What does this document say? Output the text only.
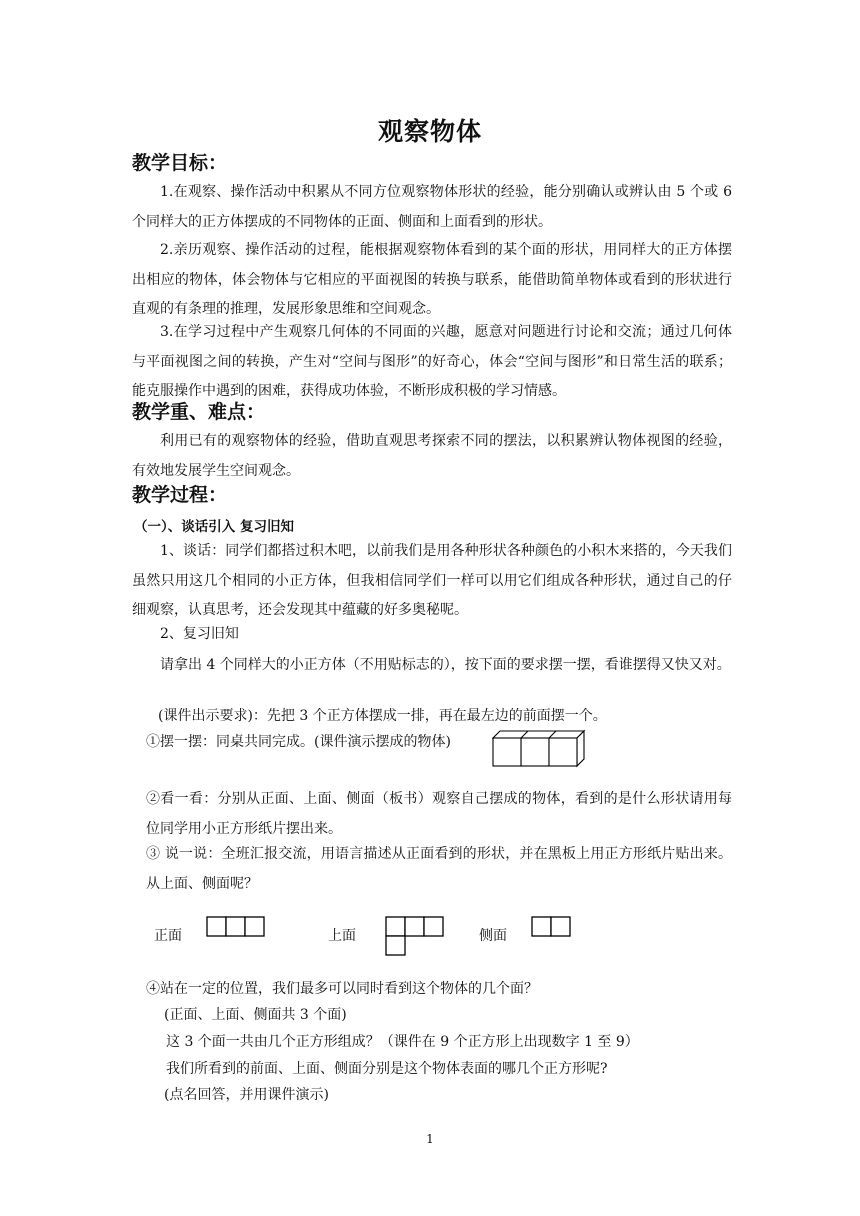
观察物体
教学目标：

1.在观察、操作活动中积累从不同方位观察物体形状的经验，能分别确认或辨认由 5 个或 6 个同样大的正方体摆成的不同物体的正面、侧面和上面看到的形状。

2.亲历观察、操作活动的过程，能根据观察物体看到的某个面的形状，用同样大的正方体摆出相应的物体，体会物体与它相应的平面视图的转换与联系，能借助简单物体或看到的形状进行直观的有条理的推理，发展形象思维和空间观念。

3.在学习过程中产生观察几何体的不同面的兴趣，愿意对问题进行讨论和交流；通过几何体与平面视图之间的转换，产生对“空间与图形”的好奇心，体会“空间与图形”和日常生活的联系；能克服操作中遇到的困难，获得成功体验，不断形成积极的学习情感。

教学重、难点：

利用已有的观察物体的经验，借助直观思考探索不同的摆法，以积累辨认物体视图的经验，有效地发展学生空间观念。

教学过程：
（一）、谈话引入 复习旧知

1、谈话：同学们都搭过积木吧，以前我们是用各种形状各种颜色的小积木来搭的，今天我们虽然只用这几个相同的小正方体，但我相信同学们一样可以用它们组成各种形状，通过自己的仔细观察，认真思考，还会发现其中蕴藏的好多奥秘呢。

2、复习旧知

请拿出 4 个同样大的小正方体（不用贴标志的），按下面的要求摆一摆，看谁摆得又快又对。

(课件出示要求)：先把 3 个正方体摆成一排，再在最左边的前面摆一个。

①摆一摆：同桌共同完成。(课件演示摆成的物体)

②看一看：分别从正面、上面、侧面（板书）观察自己摆成的物体，看到的是什么形状请用每位同学用小正方形纸片摆出来。

③ 说一说：全班汇报交流，用语言描述从正面看到的形状，并在黑板上用正方形纸片贴出来。从上面、侧面呢？

正面	上面	侧面

④站在一定的位置，我们最多可以同时看到这个物体的几个面？

(正面、上面、侧面共 3 个面)

这 3 个面一共由几个正方形组成？（课件在 9 个正方形上出现数字 1 至 9）

我们所看到的前面、上面、侧面分别是这个物体表面的哪几个正方形呢?

(点名回答，并用课件演示)

1
